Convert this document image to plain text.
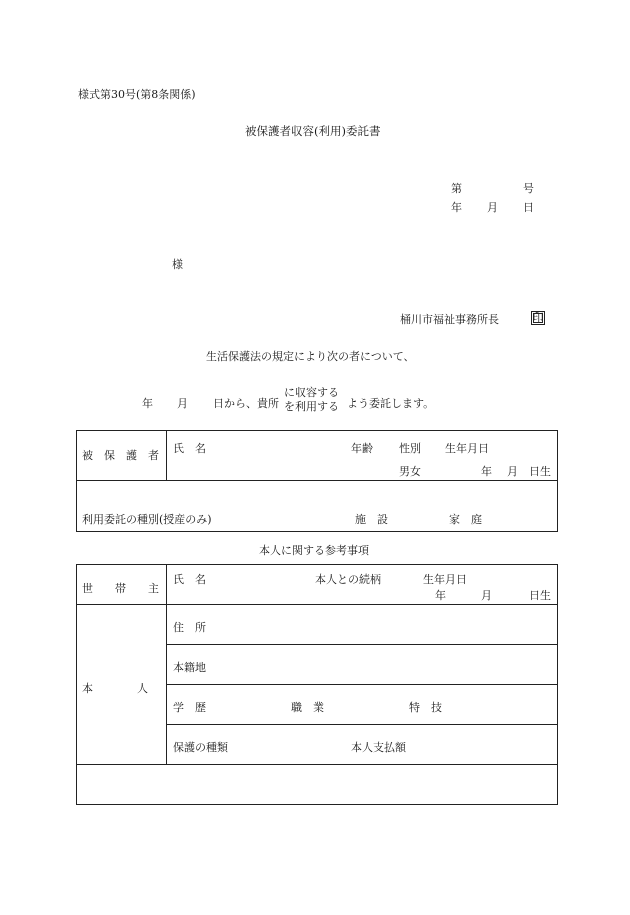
様式第30号(第8条関係)
被保護者収容(利用)委託書
第	号
年 月 日
様
桶川市福祉事務所長	印
生活保護法の規定により次の者について、
年 月 日から、貴所
に収容する
を利用する よう委託します。
被　保　護　者
氏　名	年齢 性別 生年月日
男女	年 月 日生
利用委託の種別(授産のみ)	施　設	家　庭
本人に関する参考事項
世　　帯　　主
氏　名	本人との続柄	生年月日
年	月	日生
本　　　　人
住　所
本籍地
学　歴	職　業	特　技
保護の種類	本人支払額
